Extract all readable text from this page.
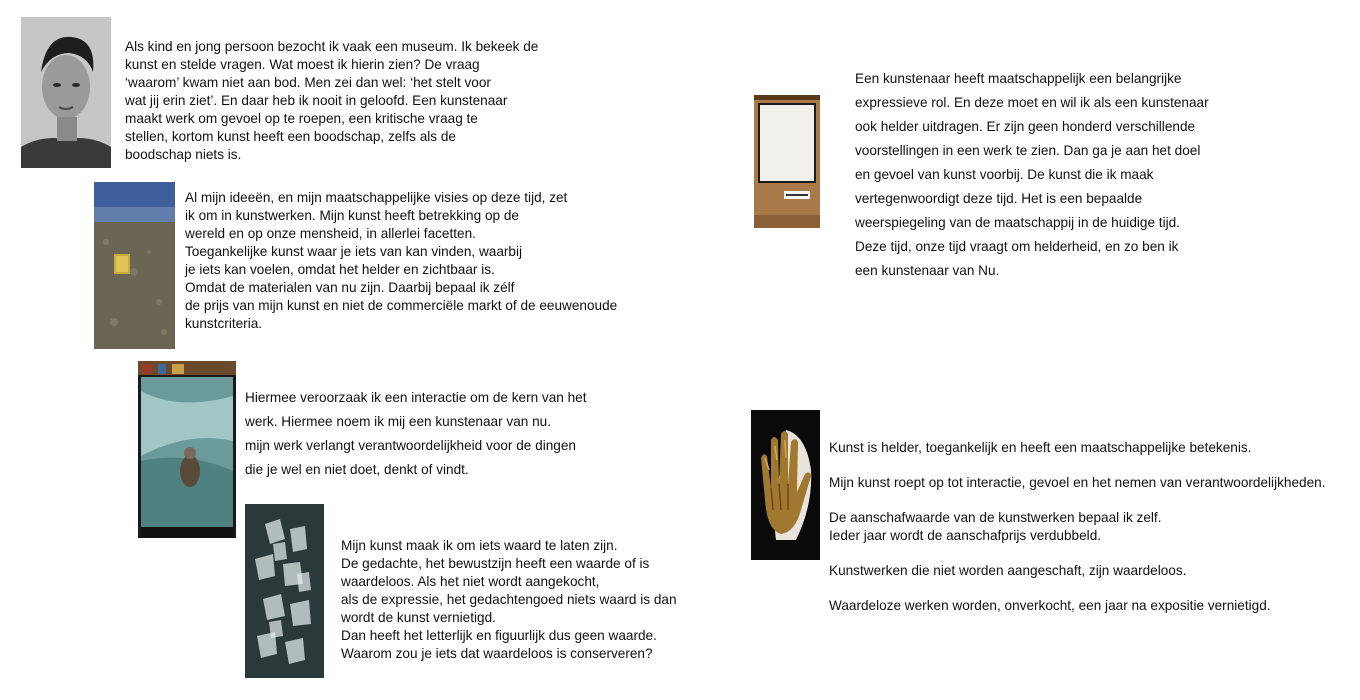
Als kind en jong persoon bezocht ik vaak een museum. Ik bekeek de
kunst en stelde vragen. Wat moest ik hierin zien? De vraag
‘waarom’ kwam niet aan bod. Men zei dan wel: ‘het stelt voor
wat jij erin ziet’. En daar heb ik nooit in geloofd. Een kunstenaar
maakt werk om gevoel op te roepen, een kritische vraag te
stellen, kortom kunst heeft een boodschap, zelfs als de
boodschap niets is.
Al mijn ideeën, en mijn maatschappelijke visies op deze tijd, zet
ik om in kunstwerken. Mijn kunst heeft betrekking op de
wereld en op onze mensheid, in allerlei facetten.
Toegankelijke kunst waar je iets van kan vinden, waarbij
je iets kan voelen, omdat het helder en zichtbaar is.
Omdat de materialen van nu zijn. Daarbij bepaal ik zélf
de prijs van mijn kunst en niet de commerciële markt of de eeuwenoude
kunstcriteria.
Hiermee veroorzaak ik een interactie om de kern van het
werk. Hiermee noem ik mij een kunstenaar van nu.
mijn werk verlangt verantwoordelijkheid voor de dingen
die je wel en niet doet, denkt of vindt.
Mijn kunst maak ik om iets waard te laten zijn.
De gedachte, het bewustzijn heeft een waarde of is
waardeloos. Als het niet wordt aangekocht,
als de expressie, het gedachtengoed niets waard is dan
wordt de kunst vernietigd.
Dan heeft het letterlijk en figuurlijk dus geen waarde.
Waarom zou je iets dat waardeloos is conserveren?
Een kunstenaar heeft maatschappelijk een belangrijke
expressieve rol. En deze moet en wil ik als een kunstenaar
ook helder uitdragen. Er zijn geen honderd verschillende
voorstellingen in een werk te zien. Dan ga je aan het doel
en gevoel van kunst voorbij. De kunst die ik maak
vertegenwoordigt deze tijd. Het is een bepaalde
weerspiegeling van de maatschappij in de huidige tijd.
Deze tijd, onze tijd vraagt om helderheid, en zo ben ik
een kunstenaar van Nu.
Kunst is helder, toegankelijk en heeft een maatschappelijke betekenis.
Mijn kunst roept op tot interactie, gevoel en het nemen van verantwoordelijkheden.
De aanschafwaarde van de kunstwerken bepaal ik zelf.
Ieder jaar wordt de aanschafprijs verdubbeld.
Kunstwerken die niet worden aangeschaft, zijn waardeloos.
Waardeloze werken worden, onverkocht, een jaar na expositie vernietigd.
